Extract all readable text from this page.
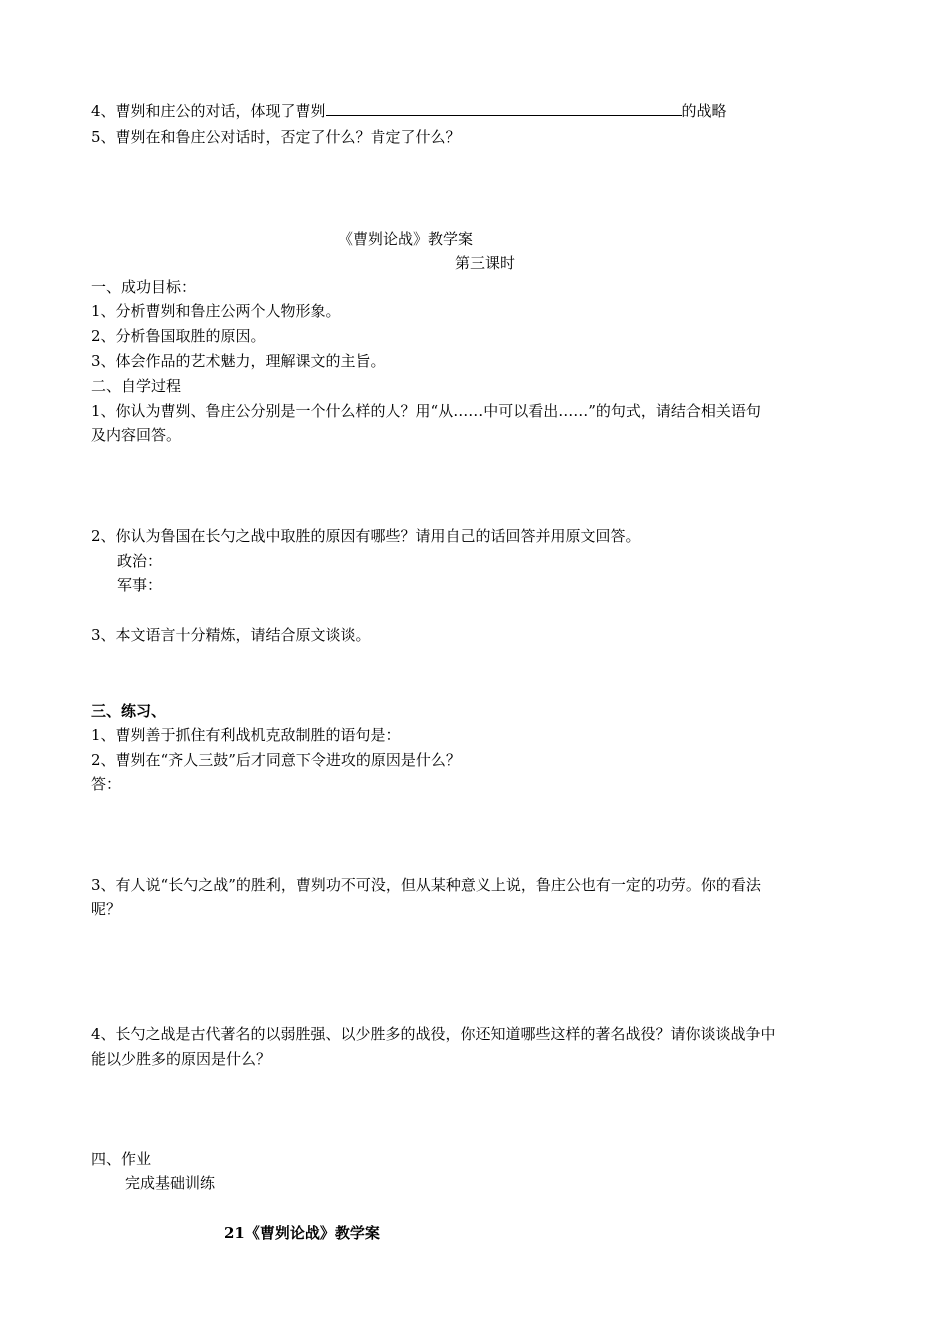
4、曹刿和庄公的对话，体现了曹刿	的战略
5、曹刿在和鲁庄公对话时，否定了什么？肯定了什么？
《曹刿论战》教学案
第三课时
一、成功目标：
1、分析曹刿和鲁庄公两个人物形象。
2、分析鲁国取胜的原因。
3、体会作品的艺术魅力，理解课文的主旨。
二、自学过程
1、你认为曹刿、鲁庄公分别是一个什么样的人？用“从……中可以看出……”的句式，请结合相关语句
及内容回答。
2、你认为鲁国在长勺之战中取胜的原因有哪些？请用自己的话回答并用原文回答。
政治：
军事：
3、本文语言十分精炼，请结合原文谈谈。
三、练习、
1、曹刿善于抓住有利战机克敌制胜的语句是：
2、曹刿在“齐人三鼓”后才同意下令进攻的原因是什么？
答：
3、有人说“长勺之战”的胜利，曹刿功不可没，但从某种意义上说，鲁庄公也有一定的功劳。你的看法
呢？
4、长勺之战是古代著名的以弱胜强、以少胜多的战役，你还知道哪些这样的著名战役？请你谈谈战争中
能以少胜多的原因是什么？
四、作业
完成基础训练
21《曹刿论战》教学案
